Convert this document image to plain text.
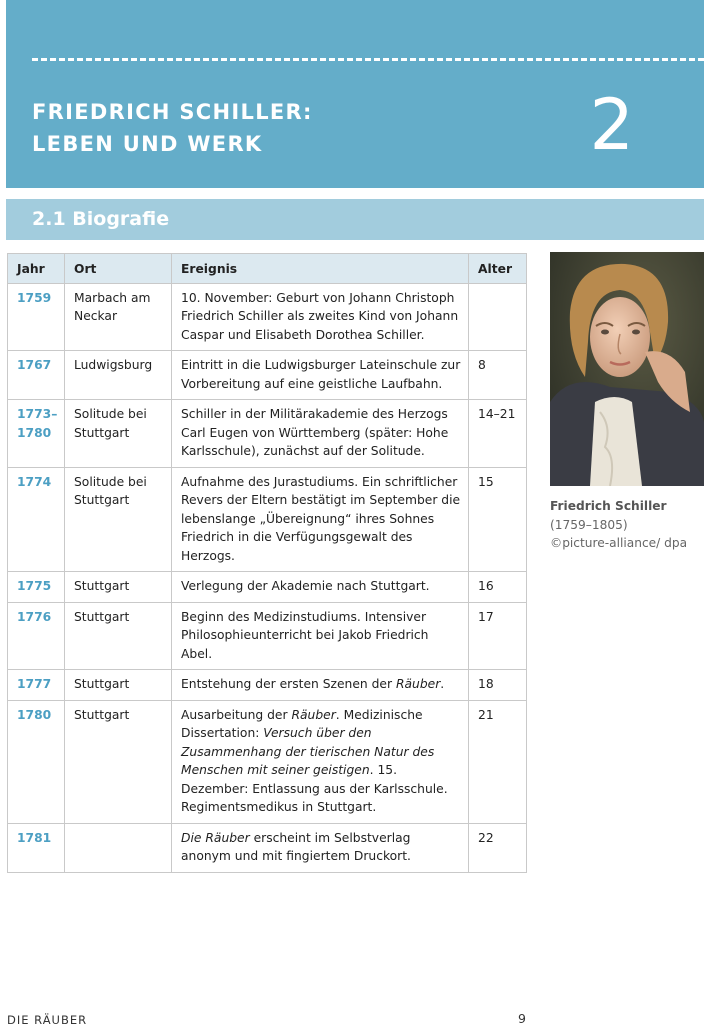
FRIEDRICH SCHILLER:
LEBEN UND WERK	2
2.1 Biografie
Jahr	Ort	Ereignis	Alter
1759	Marbach am Neckar	10. November: Geburt von Johann Christoph Friedrich Schiller als zweites Kind von Johann Caspar und Elisabeth Dorothea Schiller.	
1767	Ludwigsburg	Eintritt in die Ludwigsburger Lateinschule zur Vorbereitung auf eine geistliche Laufbahn.	8
1773–1780	Solitude bei Stuttgart	Schiller in der Militärakademie des Herzogs Carl Eugen von Württemberg (später: Hohe Karlsschule), zunächst auf der Solitude.	14–21
1774	Solitude bei Stuttgart	Aufnahme des Jurastudiums. Ein schriftlicher Revers der Eltern bestätigt im September die lebenslange „Übereignung“ ihres Sohnes Friedrich in die Verfügungsgewalt des Herzogs.	15
1775	Stuttgart	Verlegung der Akademie nach Stuttgart.	16
1776	Stuttgart	Beginn des Medizinstudiums. Intensiver Philosophieunterricht bei Jakob Friedrich Abel.	17
1777	Stuttgart	Entstehung der ersten Szenen der Räuber.	18
1780	Stuttgart	Ausarbeitung der Räuber. Medizinische Dissertation: Versuch über den Zusammenhang der tierischen Natur des Menschen mit seiner geistigen. 15. Dezember: Entlassung aus der Karlsschule. Regimentsmedikus in Stuttgart.	21
1781		Die Räuber erscheint im Selbstverlag anonym und mit fingiertem Druckort.	22
Friedrich Schiller
(1759–1805)
©picture-alliance/ dpa
DIE RÄUBER	9
